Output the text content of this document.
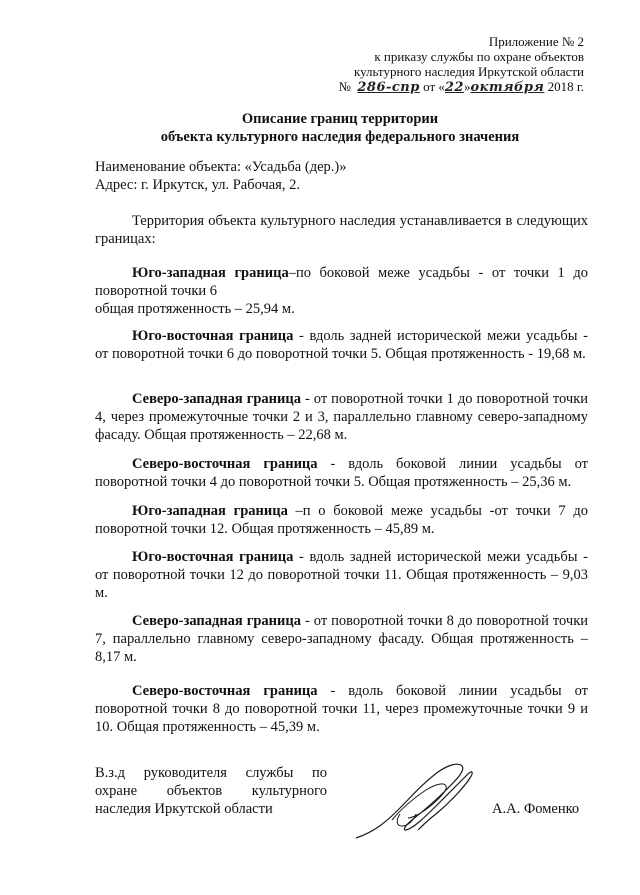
Приложение № 2
к приказу службы по охране объектов
культурного наследия Иркутской области
№ 286-спр от «22»октября 2018 г.
Описание границ территории
объекта культурного наследия федерального значения
Наименование объекта: «Усадьба (дер.)»
Адрес: г. Иркутск, ул. Рабочая, 2.
Территория объекта культурного наследия устанавливается в следующих границах:
Юго-западная граница–по боковой меже усадьбы - от точки 1 до поворотной точки 6
общая протяженность – 25,94 м.
Юго-восточная граница - вдоль задней исторической межи усадьбы - от поворотной точки 6 до поворотной точки 5. Общая протяженность - 19,68 м.
Северо-западная граница - от поворотной точки 1 до поворотной точки 4, через промежуточные точки 2 и 3, параллельно главному северо-западному фасаду. Общая протяженность – 22,68 м.
Северо-восточная граница - вдоль боковой линии усадьбы от поворотной точки 4 до поворотной точки 5. Общая протяженность – 25,36 м.
Юго-западная граница –п о боковой меже усадьбы -от точки 7 до поворотной точки 12. Общая протяженность – 45,89 м.
Юго-восточная граница - вдоль задней исторической межи усадьбы - от поворотной точки 12 до поворотной точки 11. Общая протяженность – 9,03 м.
Северо-западная граница - от поворотной точки 8 до поворотной точки 7, параллельно главному северо-западному фасаду. Общая протяженность – 8,17 м.
Северо-восточная граница - вдоль боковой линии усадьбы от поворотной точки 8 до поворотной точки 11, через промежуточные точки 9 и 10. Общая протяженность – 45,39 м.
В.з.д руководителя службы по охране объектов культурного наследия Иркутской области	А.А. Фоменко
